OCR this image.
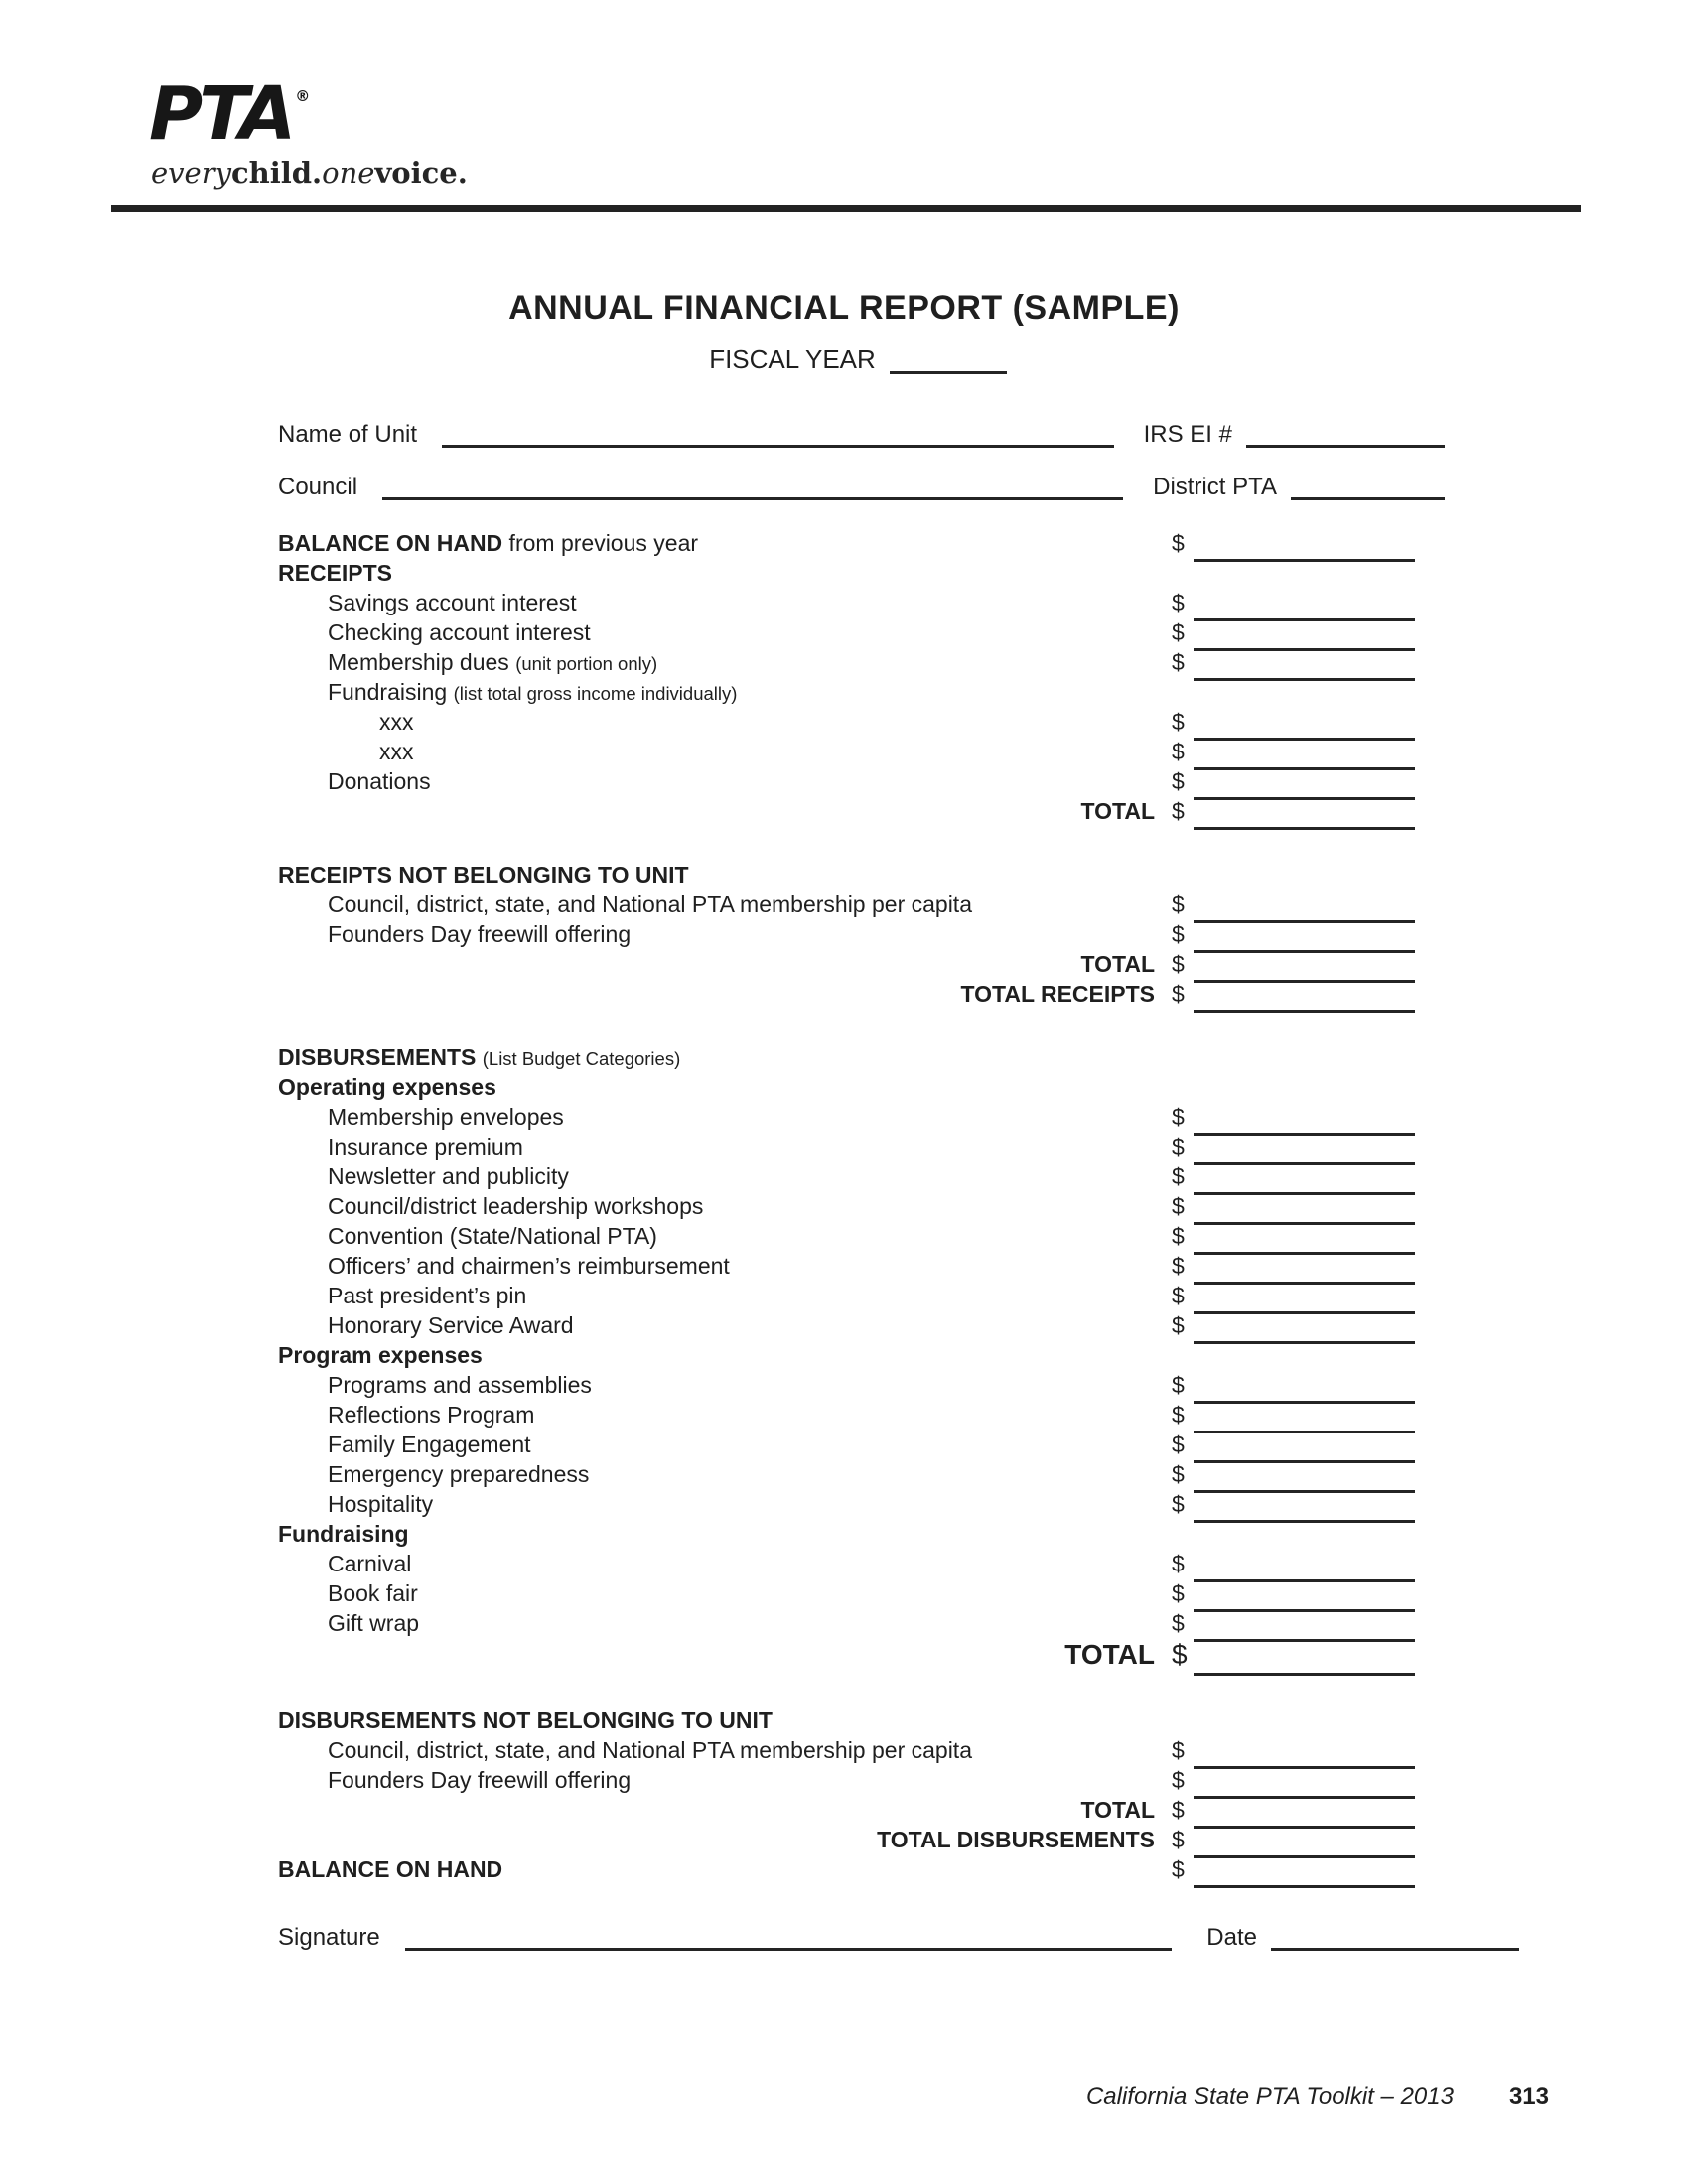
PTA ®
everychild.onevoice.
ANNUAL FINANCIAL REPORT (SAMPLE)
FISCAL YEAR
Name of Unit	IRS EI #
Council	District PTA
BALANCE ON HAND from previous year	$
RECEIPTS
Savings account interest	$
Checking account interest	$
Membership dues (unit portion only)	$
Fundraising (list total gross income individually)
xxx	$
xxx	$
Donations	$
TOTAL $
RECEIPTS NOT BELONGING TO UNIT
Council, district, state, and National PTA membership per capita	$
Founders Day freewill offering	$
TOTAL $
TOTAL RECEIPTS $
DISBURSEMENTS (List Budget Categories)
Operating expenses
Membership envelopes	$
Insurance premium	$
Newsletter and publicity	$
Council/district leadership workshops	$
Convention (State/National PTA)	$
Officers’ and chairmen’s reimbursement	$
Past president’s pin	$
Honorary Service Award	$
Program expenses
Programs and assemblies	$
Reflections Program	$
Family Engagement	$
Emergency preparedness	$
Hospitality	$
Fundraising
Carnival	$
Book fair	$
Gift wrap	$
TOTAL $
DISBURSEMENTS NOT BELONGING TO UNIT
Council, district, state, and National PTA membership per capita	$
Founders Day freewill offering	$
TOTAL $
TOTAL DISBURSEMENTS $
BALANCE ON HAND	$
Signature	Date
California State PTA Toolkit – 2013 313
